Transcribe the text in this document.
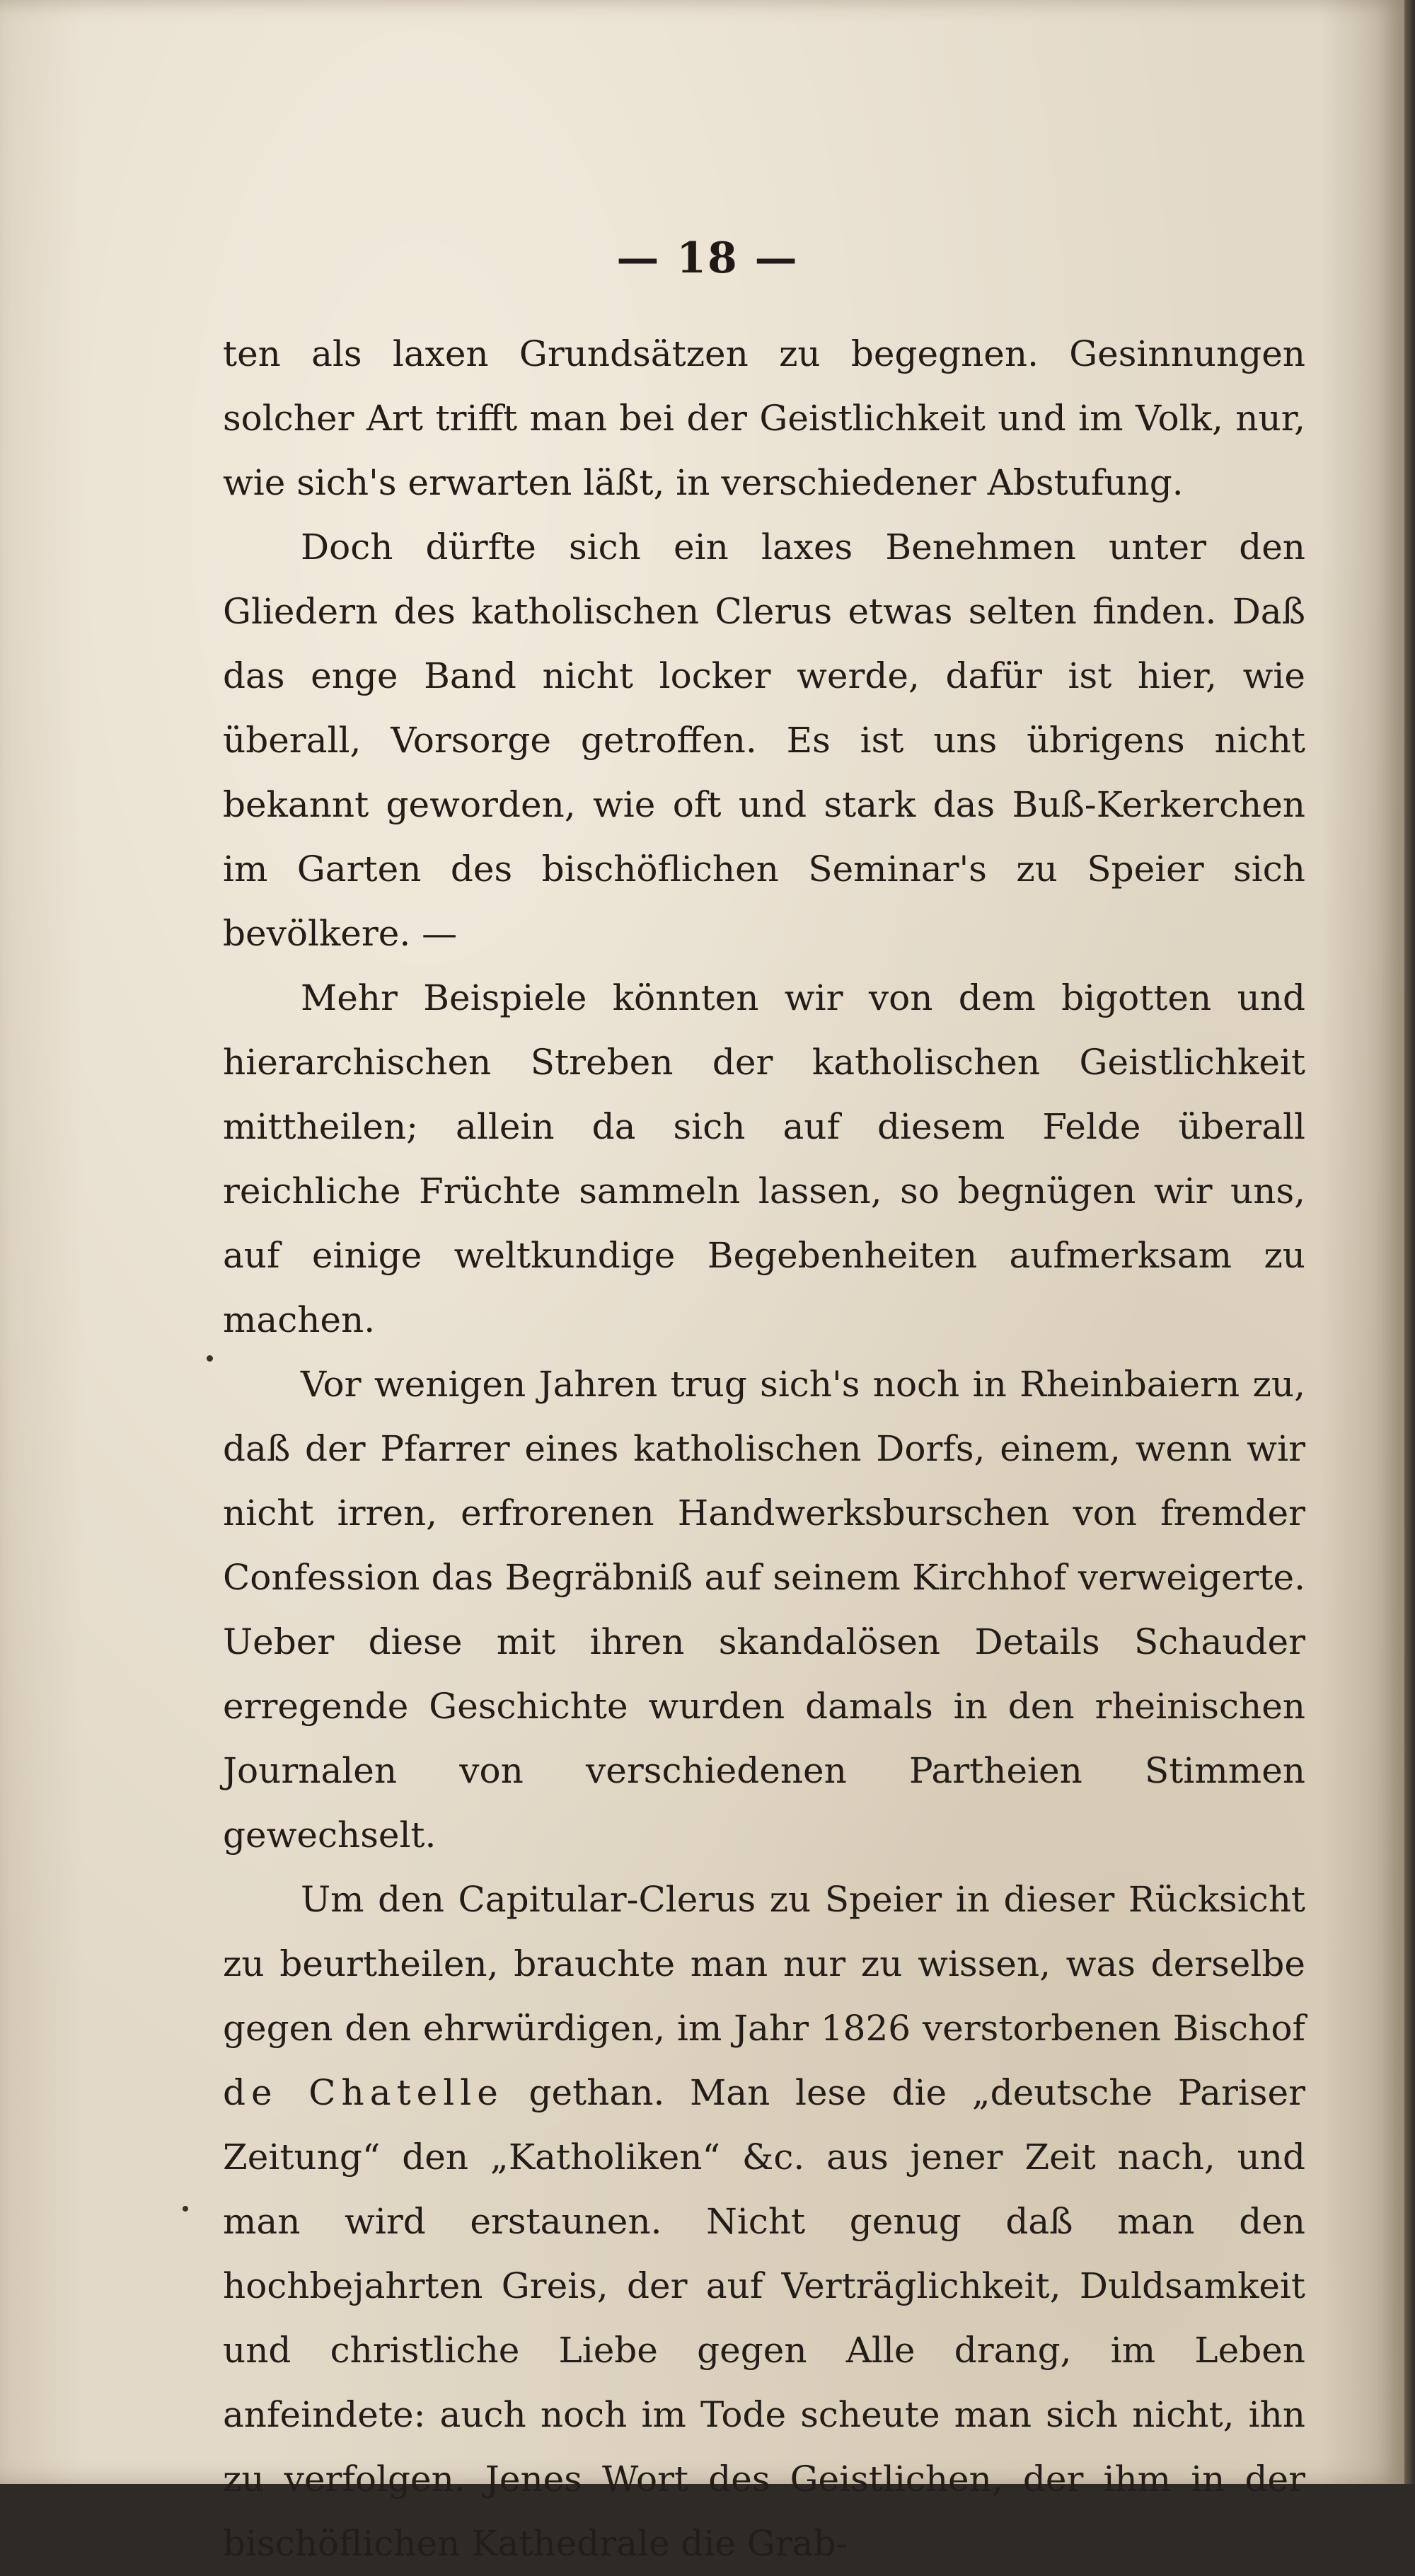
— 18 —

ten als laxen Grundsätzen zu begegnen. Gesinnungen solcher Art trifft man bei der Geistlichkeit und im Volk, nur, wie sich's erwarten läßt, in verschiedener Abstufung.

Doch dürfte sich ein laxes Benehmen unter den Gliedern des katholischen Clerus etwas selten finden. Daß das enge Band nicht locker werde, dafür ist hier, wie überall, Vorsorge getroffen. Es ist uns übrigens nicht bekannt geworden, wie oft und stark das Buß-Kerkerchen im Garten des bischöflichen Seminar's zu Speier sich bevölkere. —

Mehr Beispiele könnten wir von dem bigotten und hierarchischen Streben der katholischen Geistlichkeit mittheilen; allein da sich auf diesem Felde überall reichliche Früchte sammeln lassen, so begnügen wir uns, auf einige weltkundige Begebenheiten aufmerksam zu machen.

Vor wenigen Jahren trug sich's noch in Rheinbaiern zu, daß der Pfarrer eines katholischen Dorfs, einem, wenn wir nicht irren, erfrorenen Handwerksburschen von fremder Confession das Begräbniß auf seinem Kirchhof verweigerte. Ueber diese mit ihren skandalösen Details Schauder erregende Geschichte wurden damals in den rheinischen Journalen von verschiedenen Partheien Stimmen gewechselt.

Um den Capitular-Clerus zu Speier in dieser Rücksicht zu beurtheilen, brauchte man nur zu wissen, was derselbe gegen den ehrwürdigen, im Jahr 1826 verstorbenen Bischof de Chatelle gethan. Man lese die „deutsche Pariser Zeitung“ den „Katholiken“ &c. aus jener Zeit nach, und man wird erstaunen. Nicht genug daß man den hochbejahrten Greis, der auf Verträglichkeit, Duldsamkeit und christliche Liebe gegen Alle drang, im Leben anfeindete: auch noch im Tode scheute man sich nicht, ihn zu verfolgen. Jenes Wort des Geistlichen, der ihm in der bischöflichen Kathedrale die Grab-
